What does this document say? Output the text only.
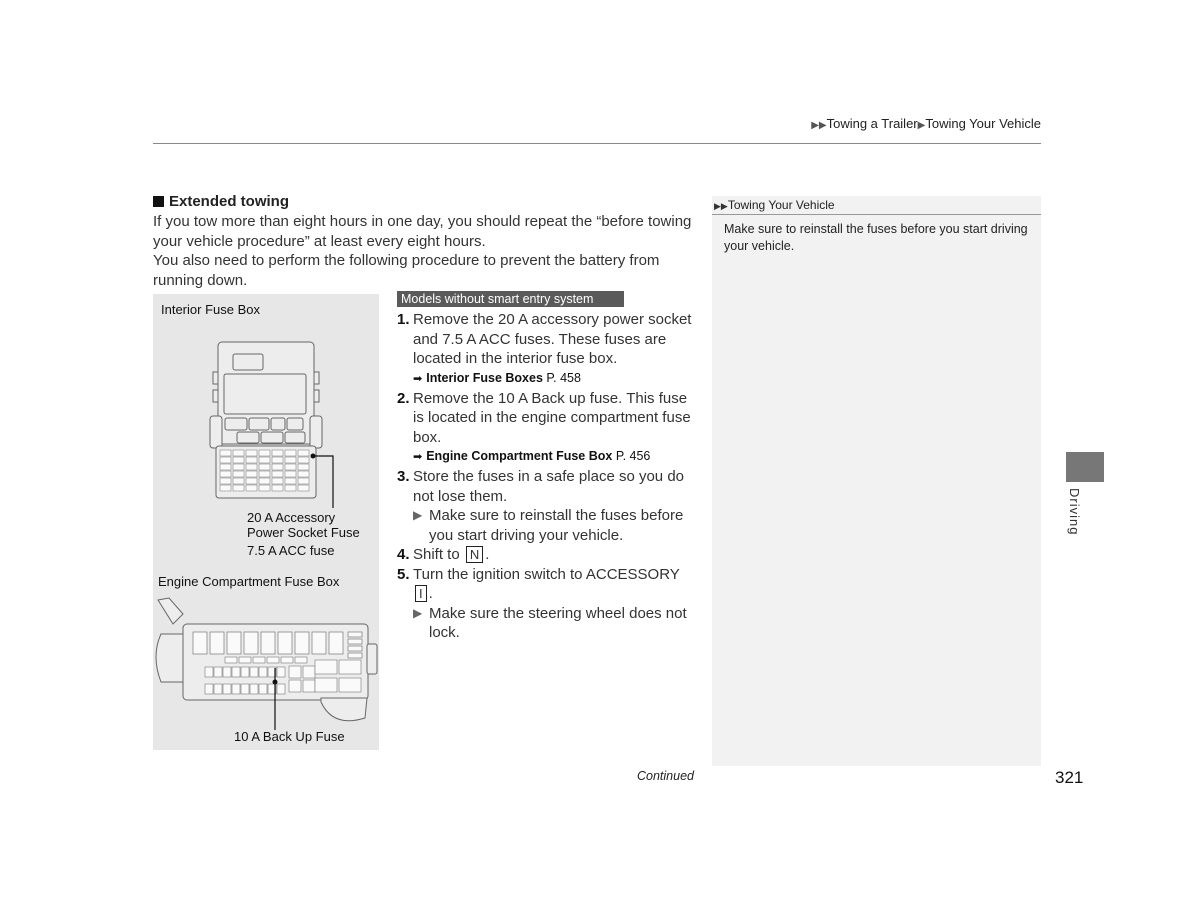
▶▶Towing a Trailer▶Towing Your Vehicle
Extended towing
If you tow more than eight hours in one day, you should repeat the “before towing your vehicle procedure” at least every eight hours.
You also need to perform the following procedure to prevent the battery from running down.
Interior Fuse Box
20 A Accessory
Power Socket Fuse
7.5 A ACC fuse
Engine Compartment Fuse Box
10 A Back Up Fuse
Models without smart entry system
1. Remove the 20 A accessory power socket and 7.5 A ACC fuses. These fuses are located in the interior fuse box.
➡ Interior Fuse Boxes P. 458
2. Remove the 10 A Back up fuse. This fuse is located in the engine compartment fuse box.
➡ Engine Compartment Fuse Box P. 456
3. Store the fuses in a safe place so you do not lose them.
▶ Make sure to reinstall the fuses before you start driving your vehicle.
4. Shift to N .
5. Turn the ignition switch to ACCESSORY
I .
▶ Make sure the steering wheel does not lock.
▶▶Towing Your Vehicle
Make sure to reinstall the fuses before you start driving your vehicle.
Driving
Continued	321
